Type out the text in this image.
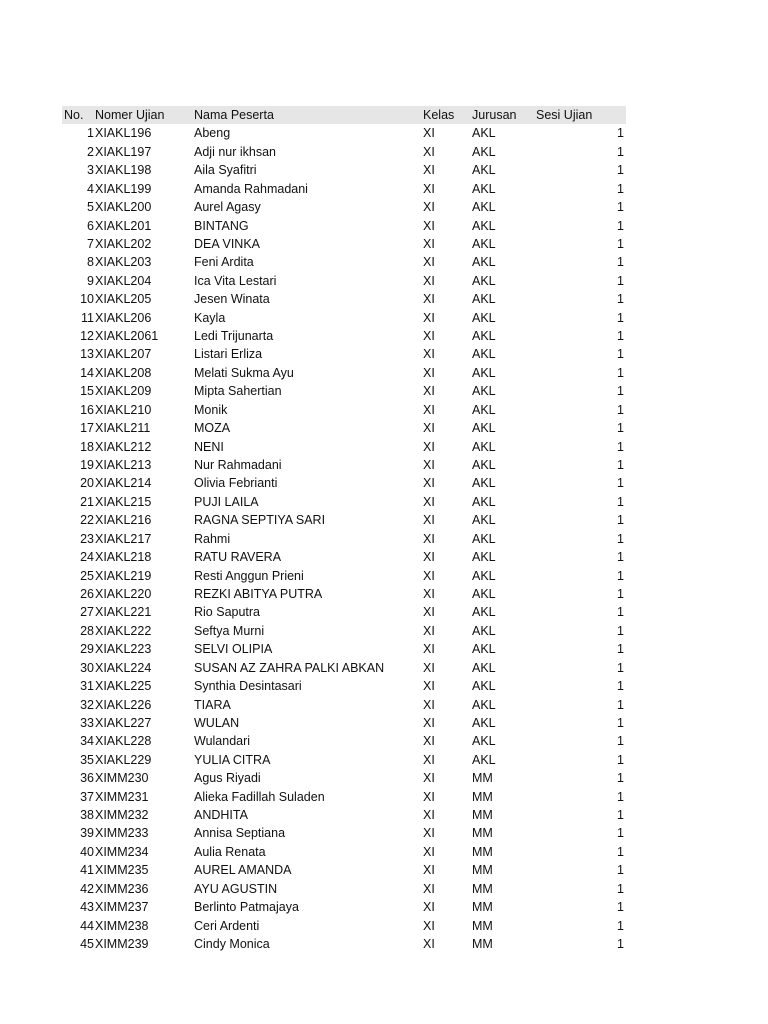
No. Nomer Ujian	Nama Peserta	Kelas	Jurusan	Sesi Ujian
1 XIAKL196	Abeng	XI	AKL	1
2 XIAKL197	Adji nur ikhsan	XI	AKL	1
3 XIAKL198	Aila Syafitri	XI	AKL	1
4 XIAKL199	Amanda Rahmadani	XI	AKL	1
5 XIAKL200	Aurel Agasy	XI	AKL	1
6 XIAKL201	BINTANG	XI	AKL	1
7 XIAKL202	DEA VINKA	XI	AKL	1
8 XIAKL203	Feni Ardita	XI	AKL	1
9 XIAKL204	Ica Vita Lestari	XI	AKL	1
10 XIAKL205	Jesen Winata	XI	AKL	1
11 XIAKL206	Kayla	XI	AKL	1
12 XIAKL2061	Ledi Trijunarta	XI	AKL	1
13 XIAKL207	Listari Erliza	XI	AKL	1
14 XIAKL208	Melati Sukma Ayu	XI	AKL	1
15 XIAKL209	Mipta Sahertian	XI	AKL	1
16 XIAKL210	Monik	XI	AKL	1
17 XIAKL211	MOZA	XI	AKL	1
18 XIAKL212	NENI	XI	AKL	1
19 XIAKL213	Nur Rahmadani	XI	AKL	1
20 XIAKL214	Olivia Febrianti	XI	AKL	1
21 XIAKL215	PUJI LAILA	XI	AKL	1
22 XIAKL216	RAGNA SEPTIYA SARI	XI	AKL	1
23 XIAKL217	Rahmi	XI	AKL	1
24 XIAKL218	RATU RAVERA	XI	AKL	1
25 XIAKL219	Resti Anggun Prieni	XI	AKL	1
26 XIAKL220	REZKI ABITYA PUTRA	XI	AKL	1
27 XIAKL221	Rio Saputra	XI	AKL	1
28 XIAKL222	Seftya Murni	XI	AKL	1
29 XIAKL223	SELVI OLIPIA	XI	AKL	1
30 XIAKL224	SUSAN AZ ZAHRA PALKI ABKAN	XI	AKL	1
31 XIAKL225	Synthia Desintasari	XI	AKL	1
32 XIAKL226	TIARA	XI	AKL	1
33 XIAKL227	WULAN	XI	AKL	1
34 XIAKL228	Wulandari	XI	AKL	1
35 XIAKL229	YULIA CITRA	XI	AKL	1
36 XIMM230	Agus Riyadi	XI	MM	1
37 XIMM231	Alieka Fadillah Suladen	XI	MM	1
38 XIMM232	ANDHITA	XI	MM	1
39 XIMM233	Annisa Septiana	XI	MM	1
40 XIMM234	Aulia Renata	XI	MM	1
41 XIMM235	AUREL AMANDA	XI	MM	1
42 XIMM236	AYU AGUSTIN	XI	MM	1
43 XIMM237	Berlinto Patmajaya	XI	MM	1
44 XIMM238	Ceri Ardenti	XI	MM	1
45 XIMM239	Cindy Monica	XI	MM	1
